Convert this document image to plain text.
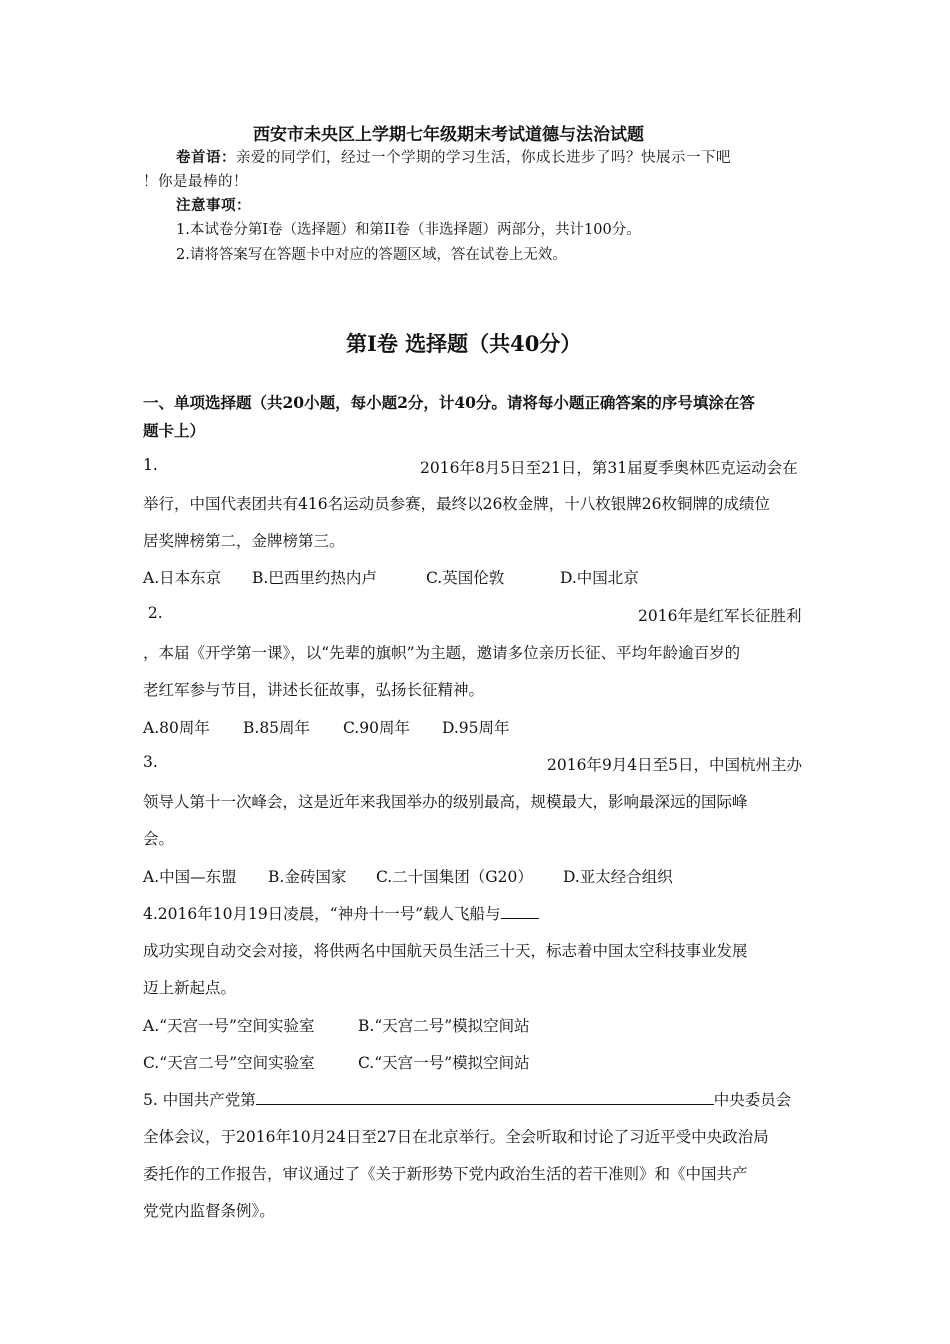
西安市未央区上学期七年级期末考试道德与法治试题
卷首语：亲爱的同学们，经过一个学期的学习生活，你成长进步了吗？快展示一下吧
！你是最棒的！
注意事项：
1.本试卷分第I卷（选择题）和第II卷（非选择题）两部分，共计100分。
2.请将答案写在答题卡中对应的答题区域，答在试卷上无效。
第Ⅰ卷 选择题（共40分）
一、单项选择题（共20小题，每小题2分，计40分。请将每小题正确答案的序号填涂在答
题卡上）
1.	2016年8月5日至21日，第31届夏季奥林匹克运动会在
举行，中国代表团共有416名运动员参赛，最终以26枚金牌，十八枚银牌26枚铜牌的成绩位
居奖牌榜第二，金牌榜第三。
A.日本东京 B.巴西里约热内卢	C.英国伦敦	D.中国北京
2.	2016年是红军长征胜利
，本届《开学第一课》，以“先辈的旗帜”为主题，邀请多位亲历长征、平均年龄逾百岁的
老红军参与节目，讲述长征故事，弘扬长征精神。
A.80周年 B.85周年 C.90周年 D.95周年
3.	2016年9月4日至5日，中国杭州主办
领导人第十一次峰会，这是近年来我国举办的级别最高，规模最大，影响最深远的国际峰
会。
A.中国—东盟 B.金砖国家 C.二十国集团（G20） D.亚太经合组织
4.2016年10月19日凌晨，“神舟十一号”载人飞船与
成功实现自动交会对接，将供两名中国航天员生活三十天，标志着中国太空科技事业发展
迈上新起点。
A.“天宫一号”空间实验室	B.“天宫二号”模拟空间站
C.“天宫二号”空间实验室	C.“天宫一号”模拟空间站
5. 中国共产党第	中央委员会
全体会议，于2016年10月24日至27日在北京举行。全会听取和讨论了习近平受中央政治局
委托作的工作报告，审议通过了《关于新形势下党内政治生活的若干准则》和《中国共产
党党内监督条例》。
